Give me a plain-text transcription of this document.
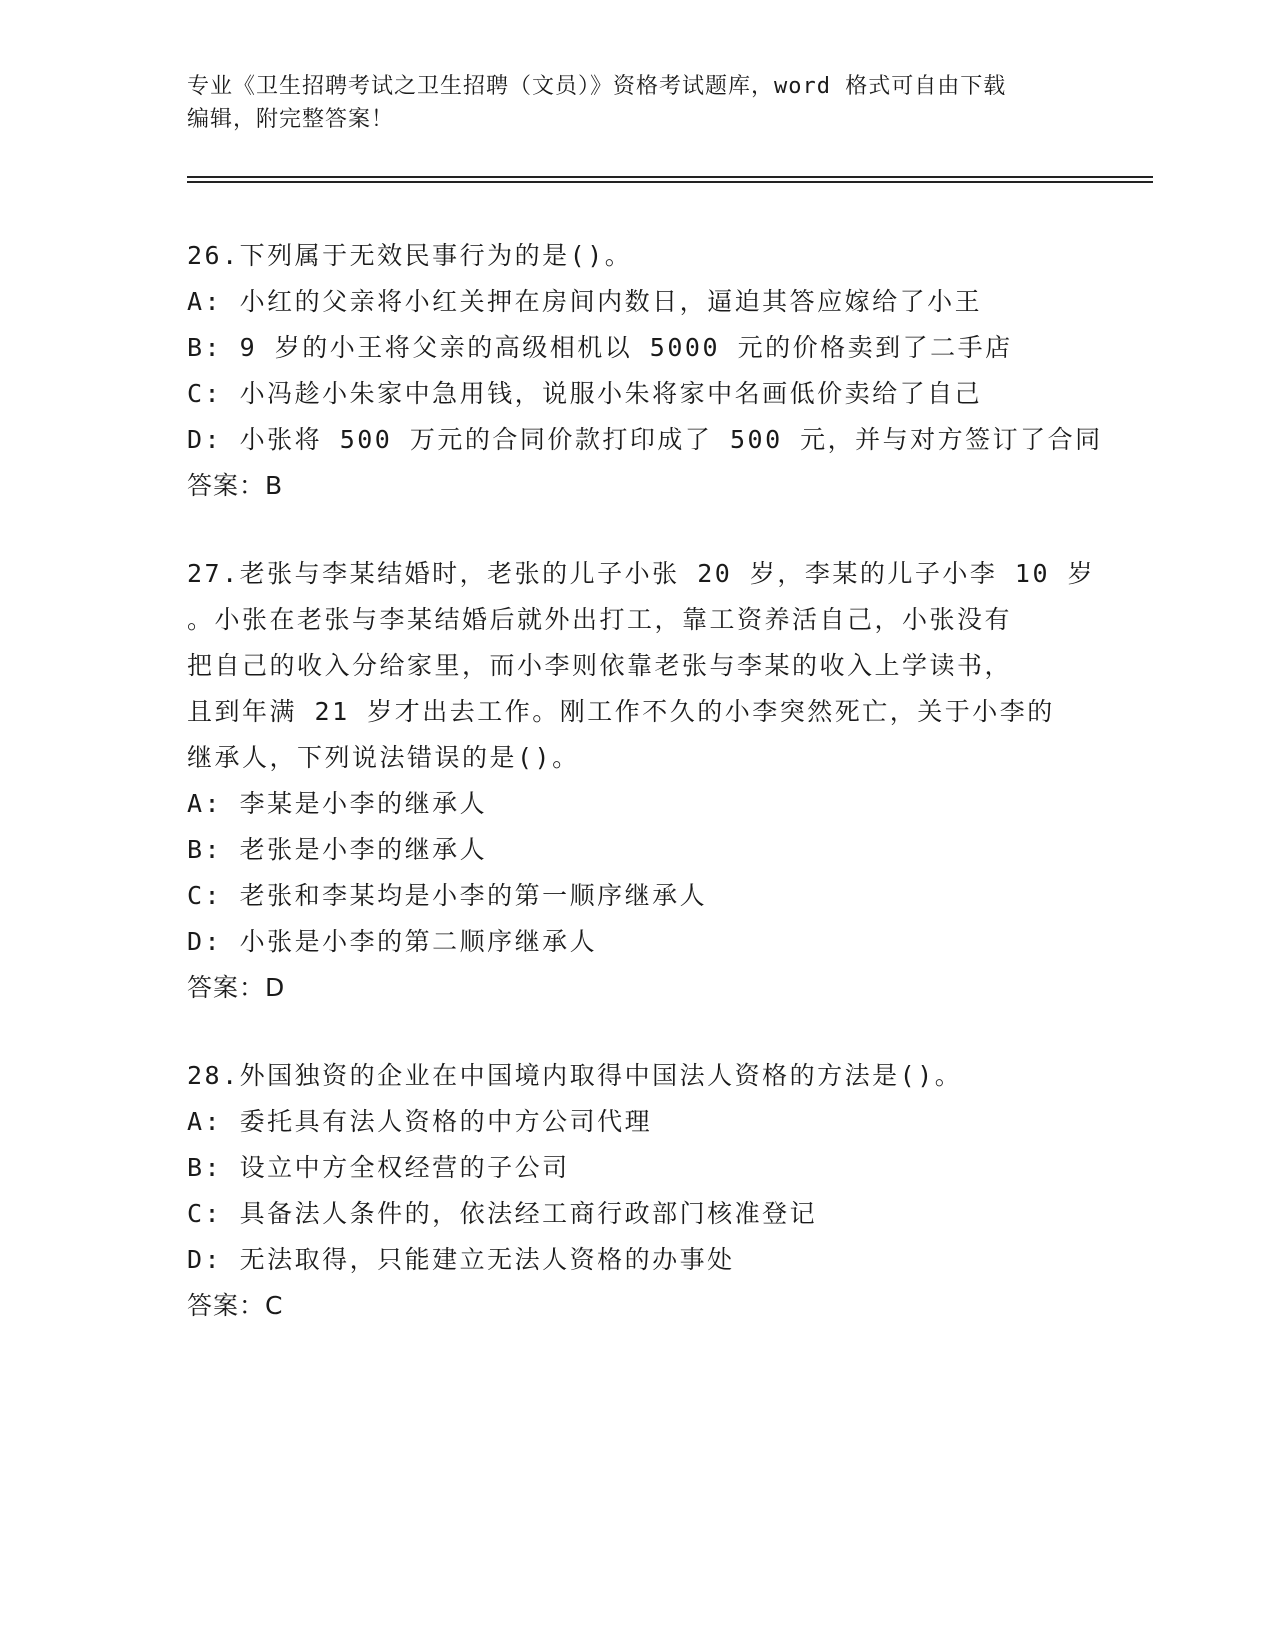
专业《卫生招聘考试之卫生招聘（文员）》资格考试题库，word 格式可自由下载
编辑，附完整答案！
26.下列属于无效民事行为的是()。
A: 小红的父亲将小红关押在房间内数日，逼迫其答应嫁给了小王
B: 9 岁的小王将父亲的高级相机以 5000 元的价格卖到了二手店
C: 小冯趁小朱家中急用钱，说服小朱将家中名画低价卖给了自己
D: 小张将 500 万元的合同价款打印成了 500 元，并与对方签订了合同
答案：B
27.老张与李某结婚时，老张的儿子小张 20 岁，李某的儿子小李 10 岁
。小张在老张与李某结婚后就外出打工，靠工资养活自己，小张没有
把自己的收入分给家里，而小李则依靠老张与李某的收入上学读书，
且到年满 21 岁才出去工作。刚工作不久的小李突然死亡，关于小李的
继承人，下列说法错误的是()。
A: 李某是小李的继承人
B: 老张是小李的继承人
C: 老张和李某均是小李的第一顺序继承人
D: 小张是小李的第二顺序继承人
答案：D
28.外国独资的企业在中国境内取得中国法人资格的方法是()。
A: 委托具有法人资格的中方公司代理
B: 设立中方全权经营的子公司
C: 具备法人条件的，依法经工商行政部门核准登记
D: 无法取得，只能建立无法人资格的办事处
答案：C
